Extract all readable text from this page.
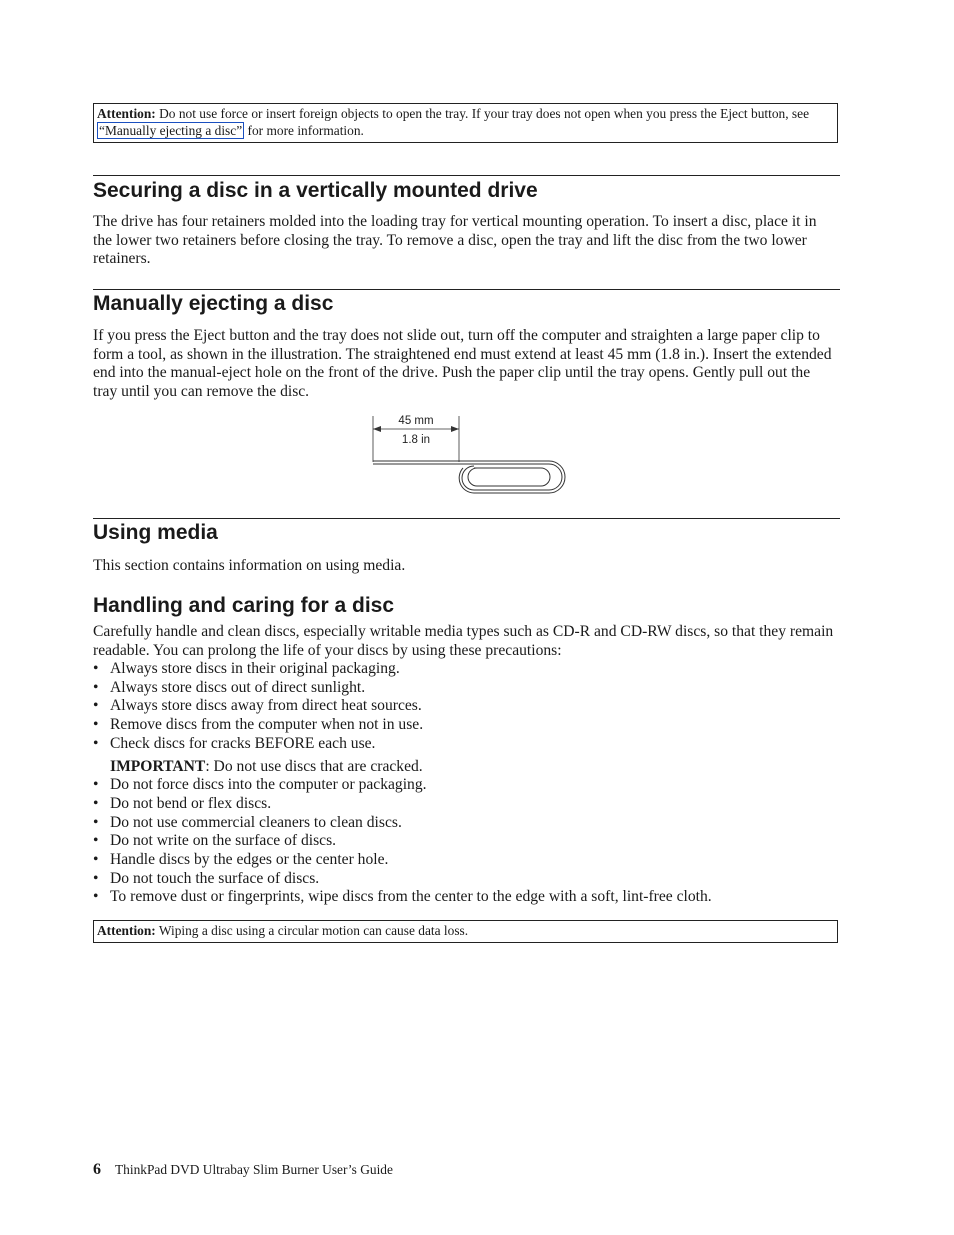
Attention: Do not use force or insert foreign objects to open the tray. If your tray does not open when you press the Eject button, see “Manually ejecting a disc” for more information.
Securing a disc in a vertically mounted drive

The drive has four retainers molded into the loading tray for vertical mounting operation. To insert a disc, place it in the lower two retainers before closing the tray. To remove a disc, open the tray and lift the disc from the two lower retainers.

Manually ejecting a disc

If you press the Eject button and the tray does not slide out, turn off the computer and straighten a large paper clip to form a tool, as shown in the illustration. The straightened end must extend at least 45 mm (1.8 in.). Insert the extended end into the manual-eject hole on the front of the drive. Push the paper clip until the tray opens. Gently pull out the tray until you can remove the disc.

45 mm
1.8 in
Using media

This section contains information on using media.

Handling and caring for a disc

Carefully handle and clean discs, especially writable media types such as CD-R and CD-RW discs, so that they remain readable. You can prolong the life of your discs by using these precautions:

• Always store discs in their original packaging.
• Always store discs out of direct sunlight.
• Always store discs away from direct heat sources.
• Remove discs from the computer when not in use.
• Check discs for cracks BEFORE each use.
IMPORTANT: Do not use discs that are cracked.
• Do not force discs into the computer or packaging.
• Do not bend or flex discs.
• Do not use commercial cleaners to clean discs.
• Do not write on the surface of discs.
• Handle discs by the edges or the center hole.
• Do not touch the surface of discs.
• To remove dust or fingerprints, wipe discs from the center to the edge with a soft, lint-free cloth.
Attention: Wiping a disc using a circular motion can cause data loss.
6 ThinkPad DVD Ultrabay Slim Burner User’s Guide
